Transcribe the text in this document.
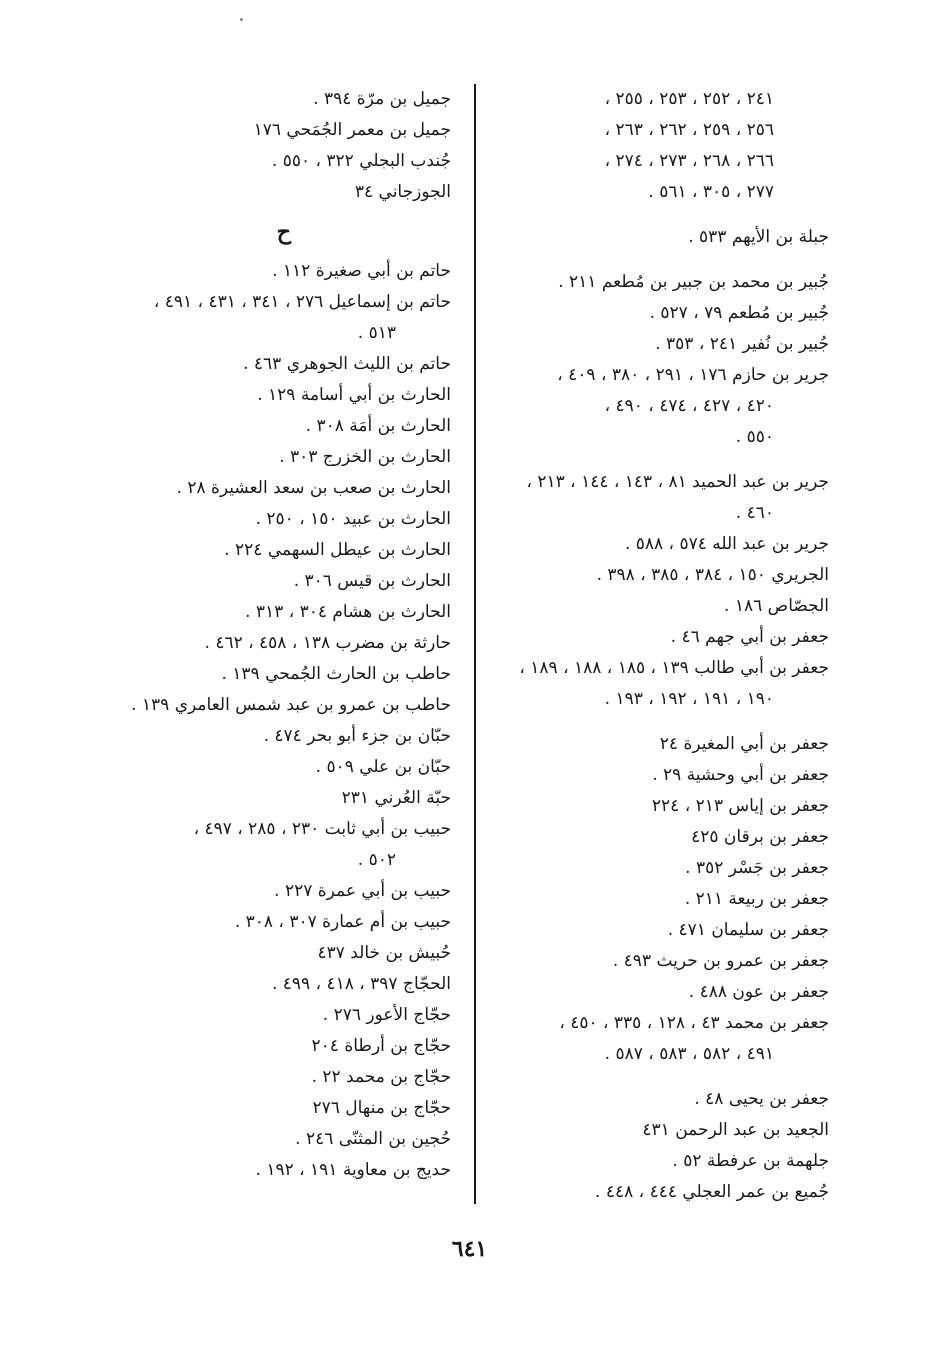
٢٤١ ، ٢٥٢ ، ٢٥٣ ، ٢٥٥ ،
٢٥٦ ، ٢٥٩ ، ٢٦٢ ، ٢٦٣ ،
٢٦٦ ، ٢٦٨ ، ٢٧٣ ، ٢٧٤ ،
٢٧٧ ، ٣٠٥ ، ٥٦١ .
جبلة بن الأيهم ٥٣٣ .
جُبير بن محمد بن جبير بن مُطعم ٢١١ .
جُبير بن مُطعم ٧٩ ، ٥٢٧ .
جُبير بن نُفير ٢٤١ ، ٣٥٣ .
جرير بن حازم ١٧٦ ، ٢٩١ ، ٣٨٠ ، ٤٠٩ ،
٤٢٠ ، ٤٢٧ ، ٤٧٤ ، ٤٩٠ ،
٥٥٠ .
جرير بن عبد الحميد ٨١ ، ١٤٣ ، ١٤٤ ، ٢١٣ ،
٤٦٠ .
جرير بن عبد الله ٥٧٤ ، ٥٨٨ .
الجريري ١٥٠ ، ٣٨٤ ، ٣٨٥ ، ٣٩٨ .
الجصّاص ١٨٦ .
جعفر بن أبي جهم ٤٦ .
جعفر بن أبي طالب ١٣٩ ، ١٨٥ ، ١٨٨ ، ١٨٩ ،
١٩٠ ، ١٩١ ، ١٩٢ ، ١٩٣ .
جعفر بن أبي المغيرة ٢٤
جعفر بن أبي وحشية ٢٩ .
جعفر بن إياس ٢١٣ ، ٢٢٤
جعفر بن برقان ٤٢٥
جعفر بن جَسْر ٣٥٢ .
جعفر بن ربيعة ٢١١ .
جعفر بن سليمان ٤٧١ .
جعفر بن عمرو بن حريث ٤٩٣ .
جعفر بن عون ٤٨٨ .
جعفر بن محمد ٤٣ ، ١٢٨ ، ٣٣٥ ، ٤٥٠ ،
٤٩١ ، ٥٨٢ ، ٥٨٣ ، ٥٨٧ .
جعفر بن يحيى ٤٨ .
الجعيد بن عبد الرحمن ٤٣١
جلهمة بن عرفطة ٥٢ .
جُميع بن عمر العجلي ٤٤٤ ، ٤٤٨ .
جميل بن مرّة ٣٩٤ .
جميل بن معمر الجُمَحي ١٧٦
جُندب البجلي ٣٢٢ ، ٥٥٠ .
الجوزجاني ٣٤
ح
حاتم بن أبي صغيرة ١١٢ .
حاتم بن إسماعيل ٢٧٦ ، ٣٤١ ، ٤٣١ ، ٤٩١ ،
٥١٣ .
حاتم بن الليث الجوهري ٤٦٣ .
الحارث بن أبي أسامة ١٢٩ .
الحارث بن أمَة ٣٠٨ .
الحارث بن الخزرج ٣٠٣ .
الحارث بن صعب بن سعد العشيرة ٢٨ .
الحارث بن عبيد ١٥٠ ، ٢٥٠ .
الحارث بن عيطل السهمي ٢٢٤ .
الحارث بن قيس ٣٠٦ .
الحارث بن هشام ٣٠٤ ، ٣١٣ .
حارثة بن مضرب ١٣٨ ، ٤٥٨ ، ٤٦٢ .
حاطب بن الحارث الجُمحي ١٣٩ .
حاطب بن عمرو بن عبد شمس العامري ١٣٩ .
حبّان بن جزء أبو بحر ٤٧٤ .
حبّان بن علي ٥٠٩ .
حبّة العُرني ٢٣١
حبيب بن أبي ثابت ٢٣٠ ، ٢٨٥ ، ٤٩٧ ،
٥٠٢ .
حبيب بن أبي عمرة ٢٢٧ .
حبيب بن أم عمارة ٣٠٧ ، ٣٠٨ .
حُبيش بن خالد ٤٣٧
الحجّاج ٣٩٧ ، ٤١٨ ، ٤٩٩ .
حجّاج الأعور ٢٧٦ .
حجّاج بن أرطاة ٢٠٤
حجّاج بن محمد ٢٢ .
حجّاج بن منهال ٢٧٦
حُجين بن المثنّى ٢٤٦ .
حديج بن معاوية ١٩١ ، ١٩٢ .
٦٤١
